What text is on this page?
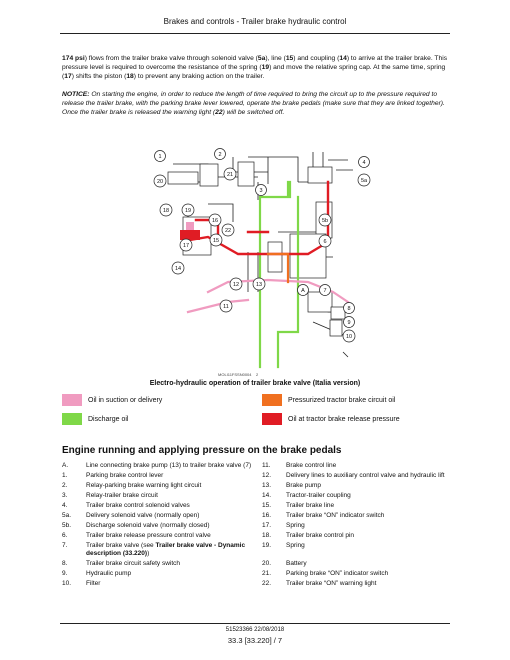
Brakes and controls - Trailer brake hydraulic control
174 psi) flows from the trailer brake valve through solenoid valve (5a), line (15) and coupling (14) to arrive at the trailer brake. This pressure level is required to overcome the resistance of the spring (19) and move the relative spring cap. At the same time, spring (17) shifts the piston (18) to prevent any braking action on the trailer.
NOTICE: On starting the engine, in order to reduce the length of time required to bring the circuit up to the pressure required to release the trailer brake, with the parking brake lever lowered, operate the brake pedals (make sure that they are linked together). Once the trailer brake is released the warning light (22) will be switched off.
1	2
3
4
5a
20
21
18	19
16
22
5b
15	6
17
14
12	13
A	7
11	8
9
10
MOLI11FSSN0004 2
Electro-hydraulic operation of trailer brake valve (Italia version)
Oil in suction or delivery	Pressurized tractor brake circuit oil
Discharge oil	Oil at tractor brake release pressure
Engine running and applying pressure on the brake pedals
A.	Line connecting brake pump (13) to trailer brake valve (7)	11.	Brake control line
1.	Parking brake control lever	12.	Delivery lines to auxiliary control valve and hydraulic lift
2.	Relay-parking brake warning light circuit	13.	Brake pump
3.	Relay-trailer brake circuit	14.	Tractor-trailer coupling
4.	Trailer brake control solenoid valves	15.	Trailer brake line
5a.	Delivery solenoid valve (normally open)	16.	Trailer brake “ON” indicator switch
5b.	Discharge solenoid valve (normally closed)	17.	Spring
6.	Trailer brake release pressure control valve	18.	Trailer brake control pin
7.	Trailer brake valve (see Trailer brake valve - Dynamic description (33.220))
19.	Spring
8.	Trailer brake circuit safety switch	20.	Battery
9.	Hydraulic pump	21.	Parking brake “ON” indicator switch
10.	Filter	22.	Trailer brake “ON” warning light
51523366 22/08/2018
33.3 [33.220] / 7
